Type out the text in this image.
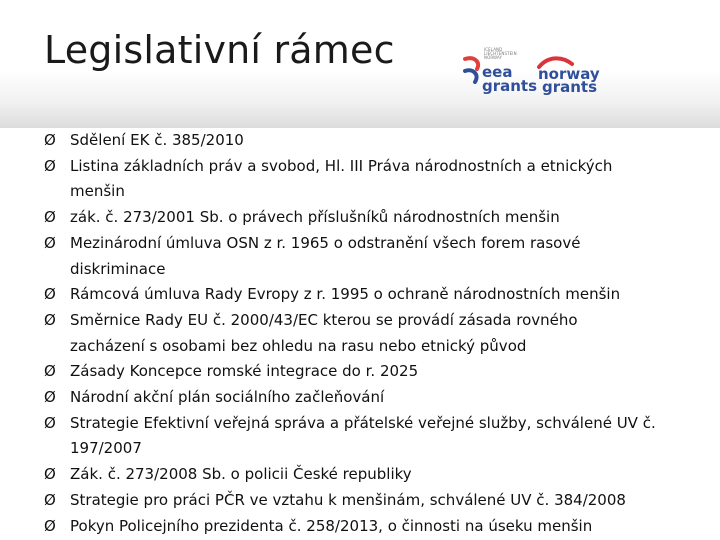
Legislativní rámec	ICELAND LIECHTENSTEIN NORWAY
eea
grants
norway
grants
Ø Sdělení EK č. 385/2010
Ø Listina základních práv a svobod, Hl. III Práva národnostních a etnických
menšin
Ø zák. č. 273/2001 Sb. o právech příslušníků národnostních menšin
Ø Mezinárodní úmluva OSN z r. 1965 o odstranění všech forem rasové
diskriminace
Ø Rámcová úmluva Rady Evropy z r. 1995 o ochraně národnostních menšin
Ø Směrnice Rady EU č. 2000/43/EC kterou se provádí zásada rovného
zacházení s osobami bez ohledu na rasu nebo etnický původ
Ø Zásady Koncepce romské integrace do r. 2025
Ø Národní akční plán sociálního začleňování
Ø Strategie Efektivní veřejná správa a přátelské veřejné služby, schválené UV č.
197/2007
Ø Zák. č. 273/2008 Sb. o policii České republiky
Ø Strategie pro práci PČR ve vztahu k menšinám, schválené UV č. 384/2008
Ø Pokyn Policejního prezidenta č. 258/2013, o činnosti na úseku menšin
